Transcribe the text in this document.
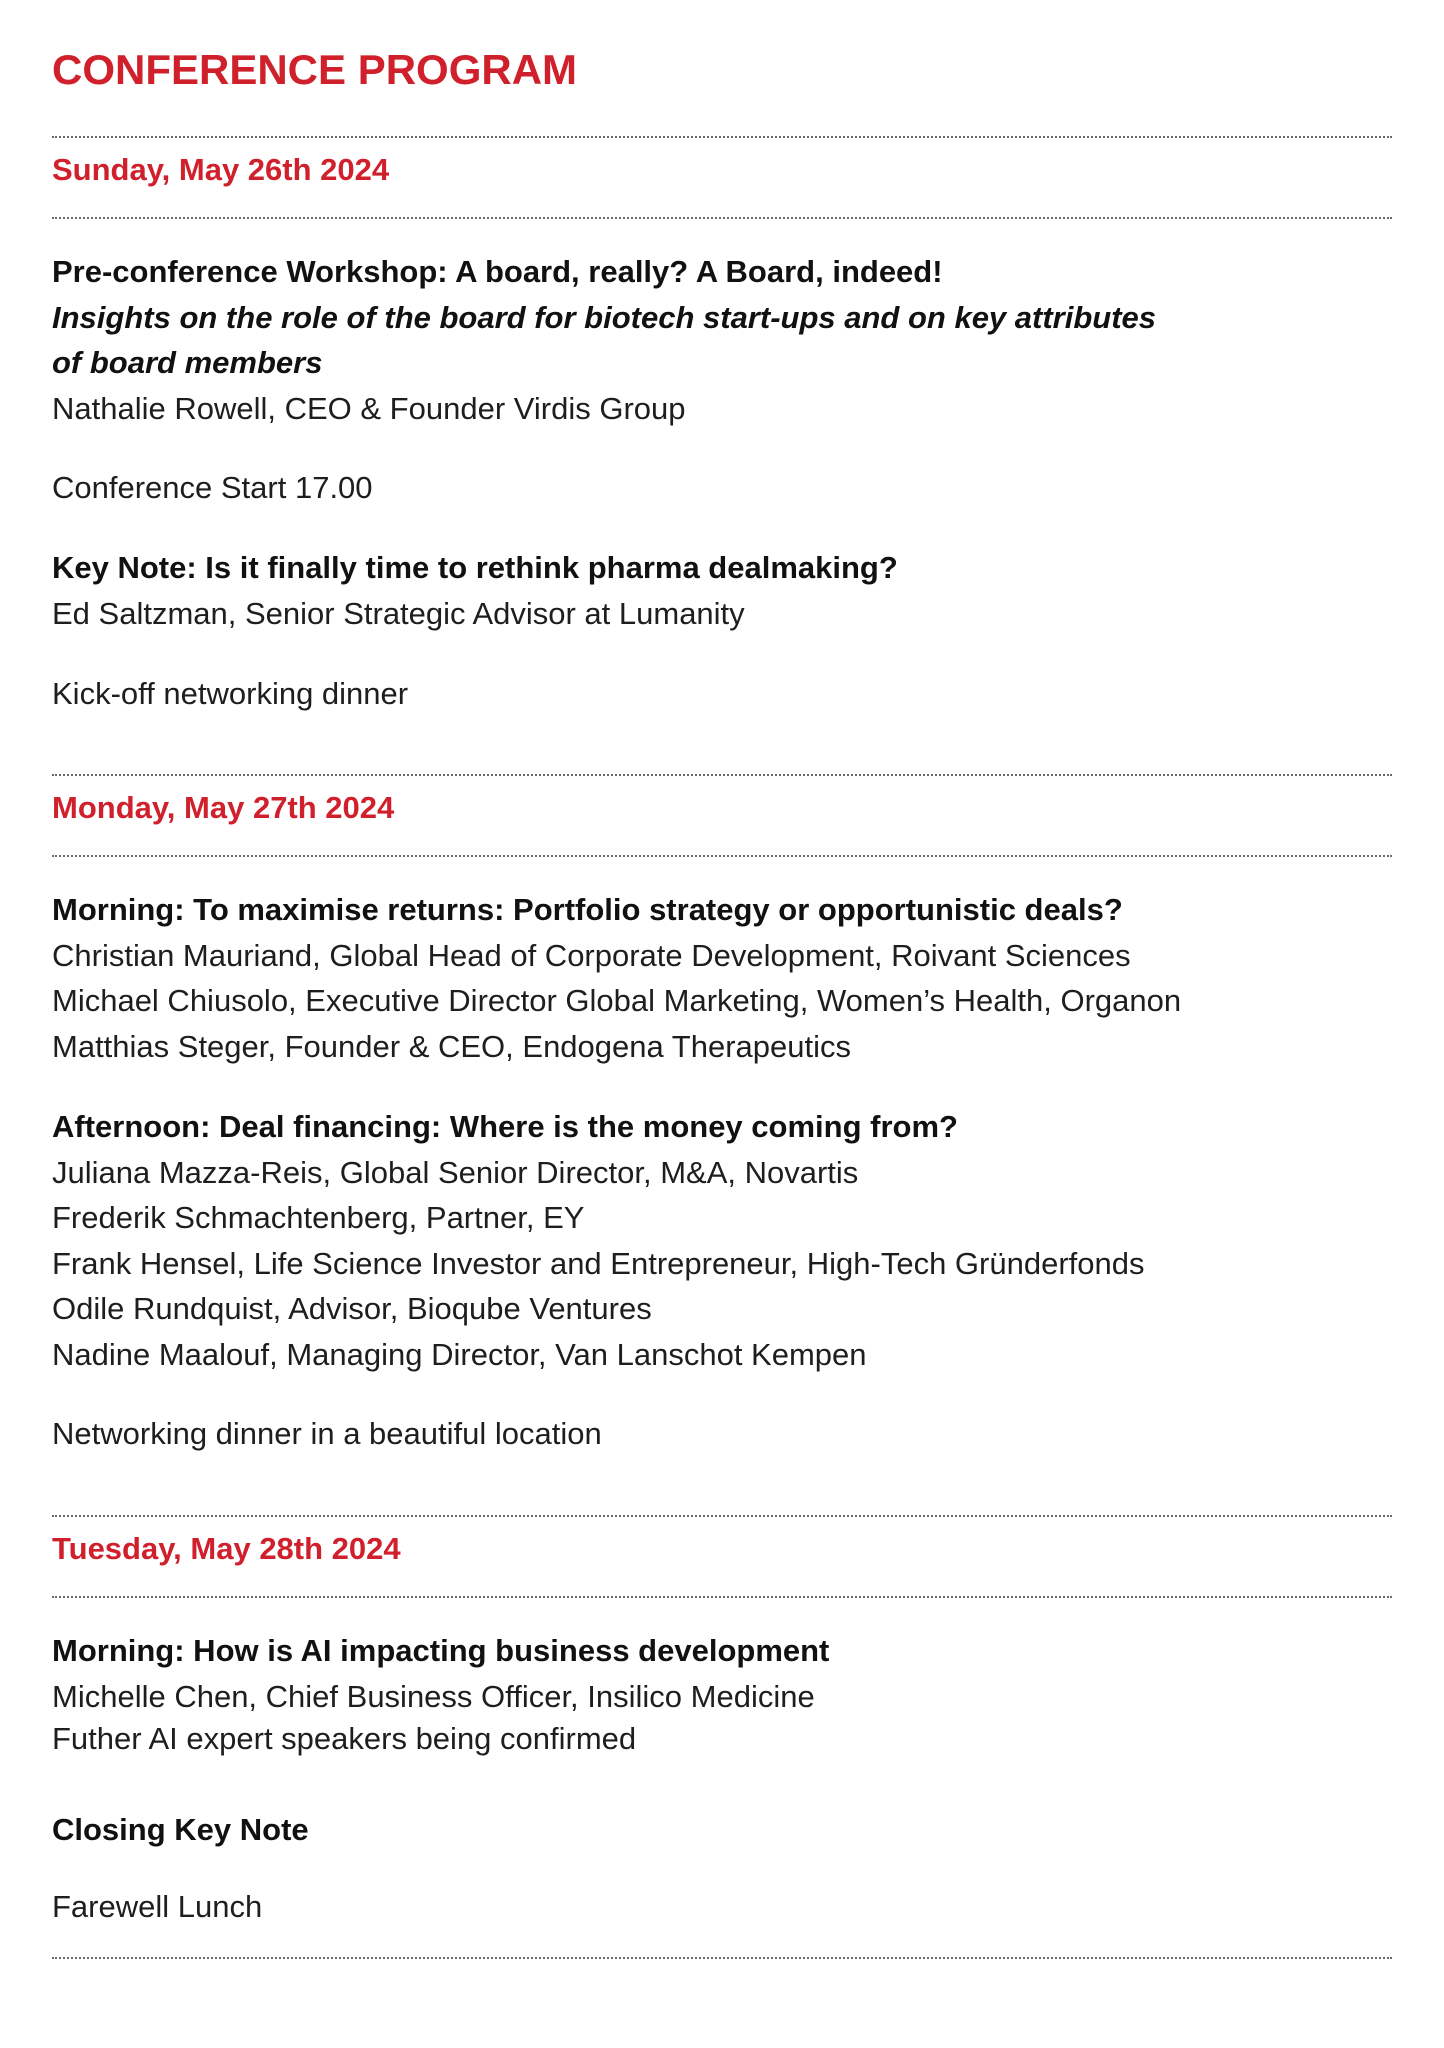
CONFERENCE PROGRAM
Sunday, May 26th 2024

Pre-conference Workshop: A board, really? A Board, indeed!

Insights on the role of the board for biotech start-ups and on key attributes

of board members

Nathalie Rowell, CEO & Founder Virdis Group

Conference Start 17.00

Key Note: Is it finally time to rethink pharma dealmaking?

Ed Saltzman, Senior Strategic Advisor at Lumanity

Kick-off networking dinner

Monday, May 27th 2024

Morning: To maximise returns: Portfolio strategy or opportunistic deals?

Christian Mauriand, Global Head of Corporate Development, Roivant Sciences

Michael Chiusolo, Executive Director Global Marketing, Women’s Health, Organon

Matthias Steger, Founder & CEO, Endogena Therapeutics

Afternoon: Deal financing: Where is the money coming from?

Juliana Mazza-Reis, Global Senior Director, M&A, Novartis

Frederik Schmachtenberg, Partner, EY

Frank Hensel, Life Science Investor and Entrepreneur, High-Tech Gründerfonds

Odile Rundquist, Advisor, Bioqube Ventures

Nadine Maalouf, Managing Director, Van Lanschot Kempen

Networking dinner in a beautiful location

Tuesday, May 28th 2024

Morning: How is AI impacting business development

Michelle Chen, Chief Business Officer, Insilico Medicine

Futher AI expert speakers being confirmed

Closing Key Note

Farewell Lunch
